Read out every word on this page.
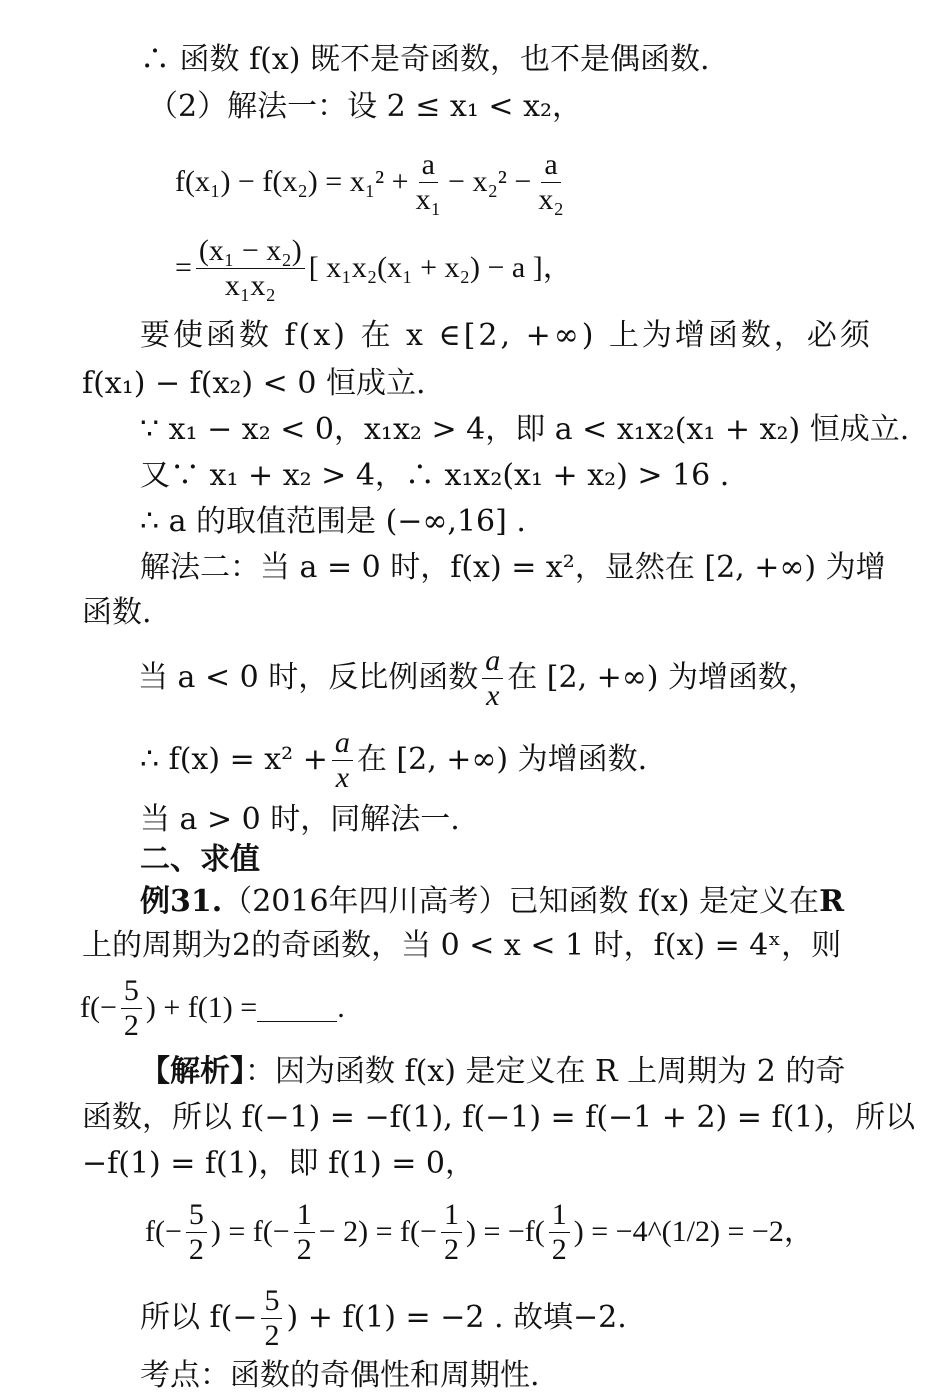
∴ 函数 f(x) 既不是奇函数，也不是偶函数.
（2）解法一：设 2 ≤ x₁ < x₂，
$f(x_1) - f(x_2) = x_1^2 + \frac{a}{\text{x₁}} - x_2^2 - \frac{a}{\text{x₂}}$
= $\frac{\text{(x₁ − x₂)}}{\text{x₁x₂}}$ [ x₁x₂(x₁ + x₂) − a ]，
要使函数 f(x) 在 x ∈[2, +∞) 上为增函数，必须
f(x₁) − f(x₂) < 0 恒成立.
∵ x₁ − x₂ < 0，x₁x₂ > 4，即 a < x₁x₂(x₁ + x₂) 恒成立.
又∵ x₁ + x₂ > 4，∴ x₁x₂(x₁ + x₂) > 16 .
∴ a 的取值范围是 (−∞,16] .
解法二：当 a = 0 时，f(x) = x²，显然在 [2, +∞) 为增
函数.
当 a < 0 时，反比例函数 $\frac{a}{x}$ 在 [2, +∞) 为增函数，
∴ $f(x) = x^2 + \frac{a}{x}$ 在 [2, +∞) 为增函数.
当 a > 0 时，同解法一.
二、求值
例31.（2016年四川高考）已知函数 f(x) 是定义在R
上的周期为2的奇函数，当 0 < x < 1 时，f(x) = 4ˣ，则
$f(- \frac{5}{2}$ ) + f(1) =	.
【解析】：因为函数 f(x) 是定义在 R 上周期为 2 的奇
函数，所以 f(−1) = −f(1), f(−1) = f(−1 + 2) = f(1)，所以
−f(1) = f(1)，即 f(1) = 0，
$f(- \frac{5}{2}$ ) = $f(- \frac{1}{2} - 2) = f(- \frac{1}{2}$ ) = $-f( \frac{1}{2}$ ) = −4^(1/2) = −2，
所以 $f(- \frac{5}{2}$ ) + f(1) = −2 . 故填−2.
考点：函数的奇偶性和周期性.
